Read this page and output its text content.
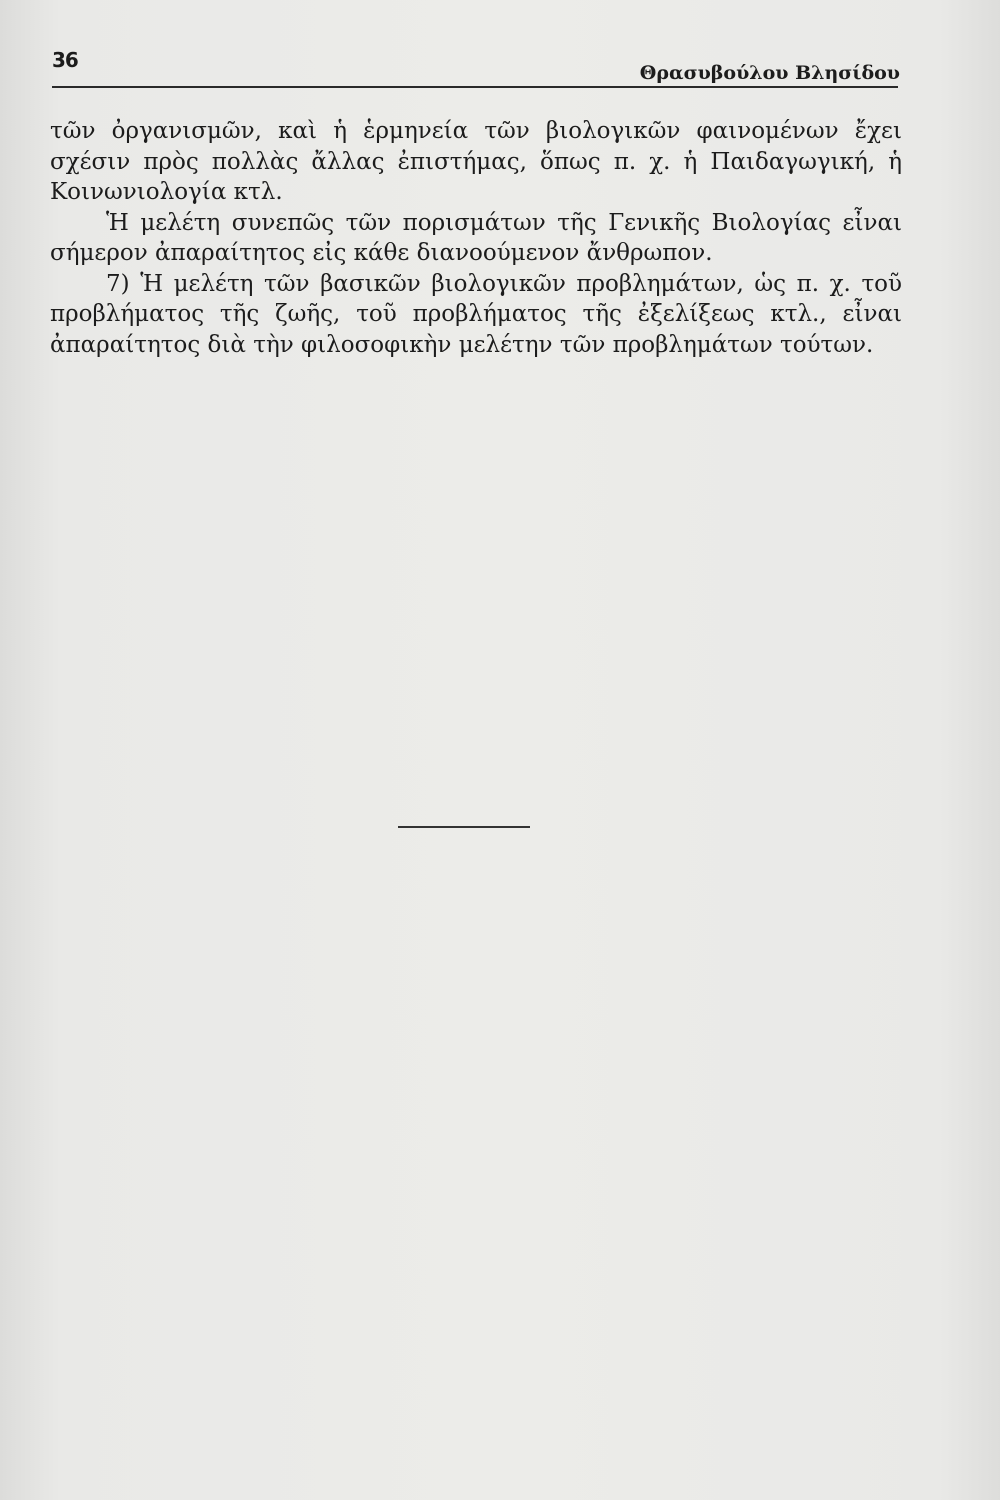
36
Θρασυβούλου Βλησίδου

τῶν ὀργανισμῶν, καὶ ἡ ἑρμηνεία τῶν βιολογικῶν φαινομένων ἔχει σχέσιν πρὸς πολλὰς ἄλλας ἐπιστήμας, ὅπως π. χ. ἡ Παιδαγωγική, ἡ Κοινωνιολογία κτλ.

Ἡ μελέτη συνεπῶς τῶν πορισμάτων τῆς Γενικῆς Βιολογίας εἶναι σήμερον ἀπαραίτητος εἰς κάθε διανοούμενον ἄνθρωπον.

7) Ἡ μελέτη τῶν βασικῶν βιολογικῶν προβλημάτων, ὡς π. χ. τοῦ προβλήματος τῆς ζωῆς, τοῦ προβλήματος τῆς ἐξελίξεως κτλ., εἶναι ἀπαραίτητος διὰ τὴν φιλοσοφικὴν μελέτην τῶν προβλημάτων τούτων.
